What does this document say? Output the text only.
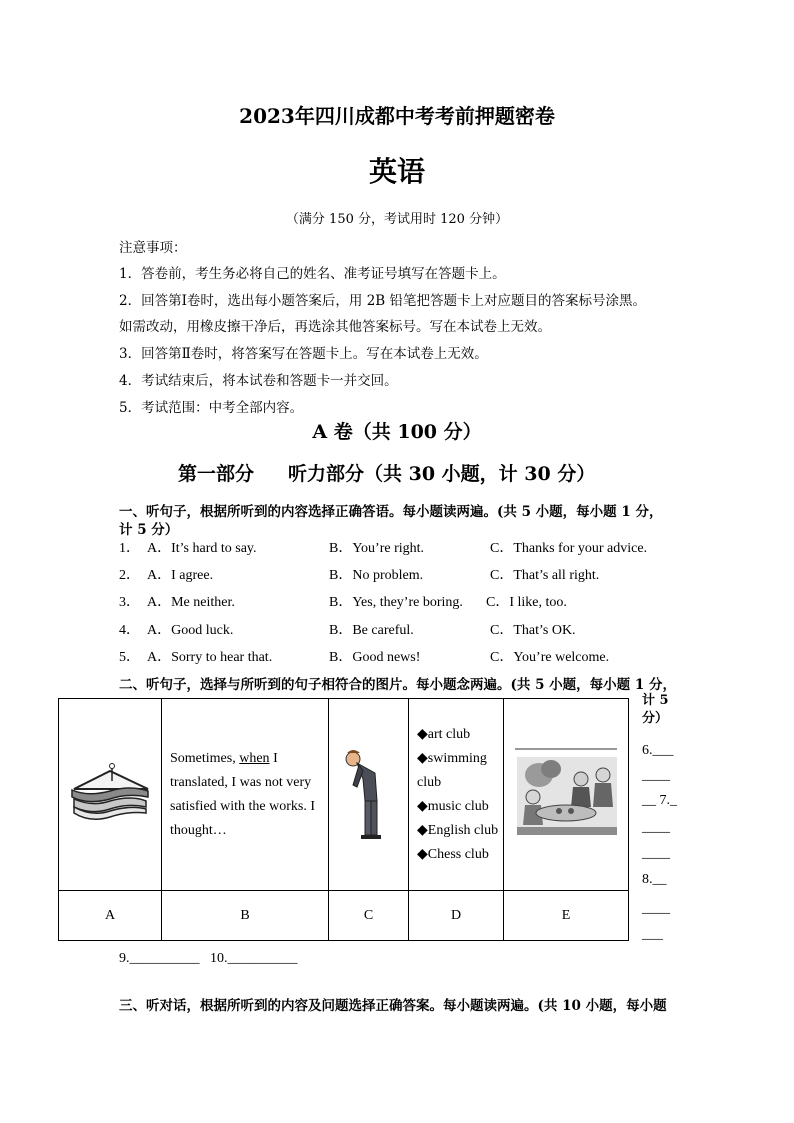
2023年四川成都中考考前押题密卷
英语
（满分 150 分，考试用时 120 分钟）
注意事项：
1．答卷前，考生务必将自己的姓名、准考证号填写在答题卡上。
2．回答第Ⅰ卷时，选出每小题答案后，用 2B 铅笔把答题卡上对应题目的答案标号涂黑。
如需改动，用橡皮擦干净后，再选涂其他答案标号。写在本试卷上无效。
3．回答第Ⅱ卷时，将答案写在答题卡上。写在本试卷上无效。
4．考试结束后，将本试卷和答题卡一并交回。
5．考试范围：中考全部内容。
A 卷（共 100 分）
第一部分 听力部分（共 30 小题，计 30 分）
一、听句子，根据所听到的内容选择正确答语。每小题读两遍。(共 5 小题，每小题 1 分，
计 5 分）
1． A．It’s hard to say.	B．You’re right.	C．Thanks for your advice.
2． A．I agree.	B．No problem.	C．That’s all right.
3． A．Me neither.	B．Yes, they’re boring. C．I like, too.
4． A．Good luck.	B．Be careful.	C．That’s OK.
5． A．Sorry to hear that.	B．Good news!	C．You’re welcome.
二、听句子，选择与所听到的句子相符合的图片。每小题念两遍。(共 5 小题，每小题 1 分，
	Sometimes, when I translated, I was not very satisfied with the works. I thought…		◆art club
◆swimming club
◆music club
◆English club
◆Chess club

A	B	C	D	E
计 5
分）
6.___
____
__ 7._
____
____
8.__
____
___
9.__________   10.__________
三、听对话，根据所听到的内容及问题选择正确答案。每小题读两遍。(共 10 小题，每小题
